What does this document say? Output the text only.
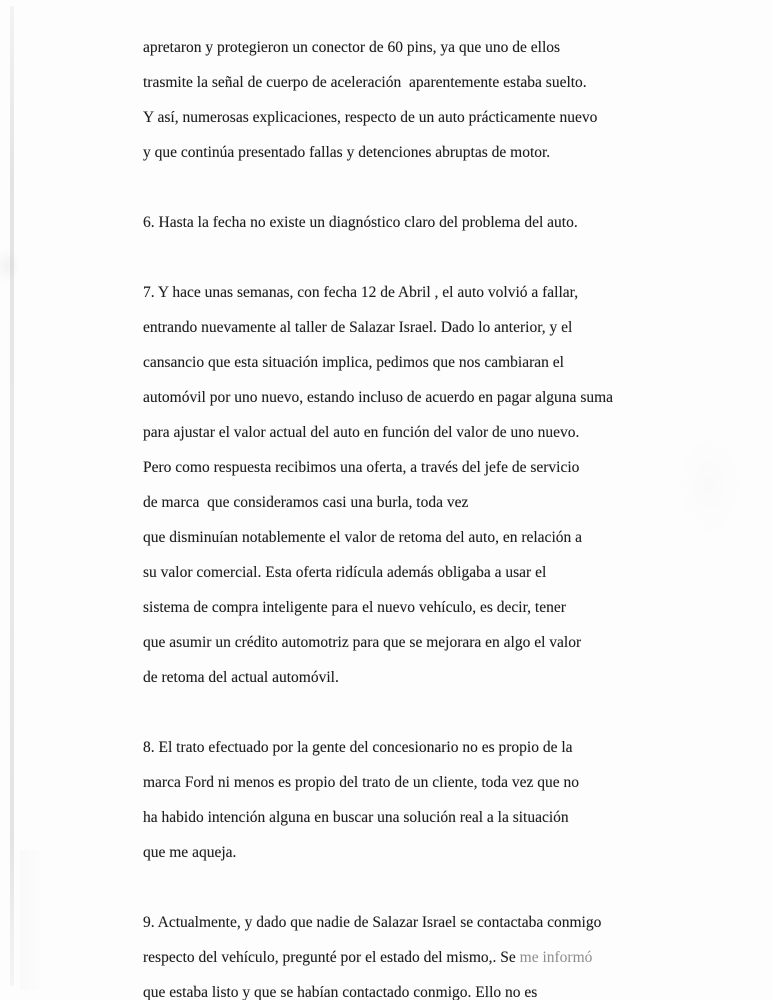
apretaron y protegieron un conector de 60 pins, ya que uno de ellos
trasmite la señal de cuerpo de aceleración  aparentemente estaba suelto.
Y así, numerosas explicaciones, respecto de un auto prácticamente nuevo
y que continúa presentado fallas y detenciones abruptas de motor.
6. Hasta la fecha no existe un diagnóstico claro del problema del auto.
7. Y hace unas semanas, con fecha 12 de Abril , el auto volvió a fallar,
entrando nuevamente al taller de Salazar Israel. Dado lo anterior, y el
cansancio que esta situación implica, pedimos que nos cambiaran el
automóvil por uno nuevo, estando incluso de acuerdo en pagar alguna suma
para ajustar el valor actual del auto en función del valor de uno nuevo.
Pero como respuesta recibimos una oferta, a través del jefe de servicio
de marca  que consideramos casi una burla, toda vez
que disminuían notablemente el valor de retoma del auto, en relación a
su valor comercial. Esta oferta ridícula además obligaba a usar el
sistema de compra inteligente para el nuevo vehículo, es decir, tener
que asumir un crédito automotriz para que se mejorara en algo el valor
de retoma del actual automóvil.
8. El trato efectuado por la gente del concesionario no es propio de la
marca Ford ni menos es propio del trato de un cliente, toda vez que no
ha habido intención alguna en buscar una solución real a la situación
que me aqueja.
9. Actualmente, y dado que nadie de Salazar Israel se contactaba conmigo
respecto del vehículo, pregunté por el estado del mismo,. Se me informó
que estaba listo y que se habían contactado conmigo. Ello no es
